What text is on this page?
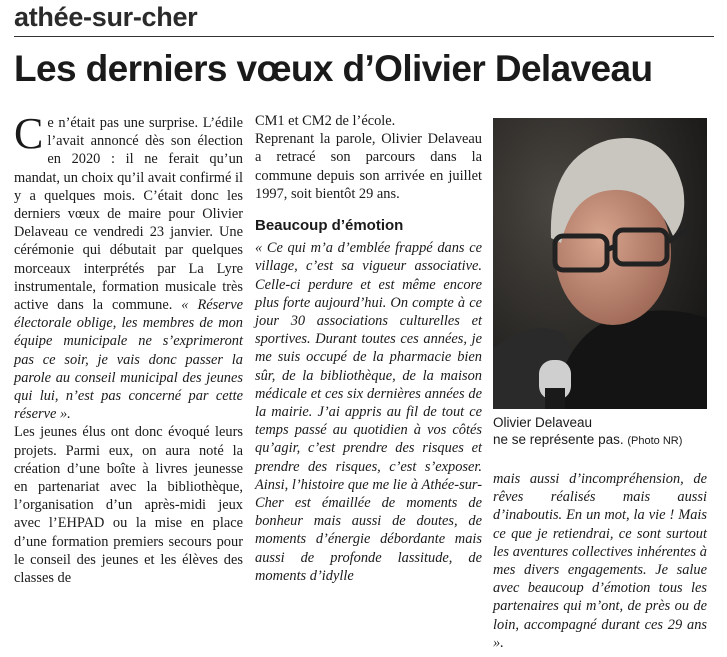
athée-sur-cher
Les derniers vœux d’Olivier Delaveau

Ce n’était pas une surprise. L’édile l’avait annoncé dès son élection en 2020 : il ne ferait qu’un mandat, un choix qu’il avait confirmé il y a quelques mois. C’était donc les derniers vœux de maire pour Olivier Delaveau ce vendredi 23 janvier. Une cérémonie qui débutait par quelques morceaux interprétés par La Lyre instrumentale, formation musicale très active dans la commune. « Réserve électorale oblige, les membres de mon équipe municipale ne s’exprimeront pas ce soir, je vais donc passer la parole au conseil municipal des jeunes qui lui, n’est pas concerné par cette réserve ».

Les jeunes élus ont donc évoqué leurs projets. Parmi eux, on aura noté la création d’une boîte à livres jeunesse en partenariat avec la bibliothèque, l’organisation d’un après-midi jeux avec l’EHPAD ou la mise en place d’une formation premiers secours pour le conseil des jeunes et les élèves des classes de

CM1 et CM2 de l’école.

Reprenant la parole, Olivier Delaveau a retracé son parcours dans la commune depuis son arrivée en juillet 1997, soit bientôt 29 ans.

Beaucoup d’émotion

« Ce qui m’a d’emblée frappé dans ce village, c’est sa vigueur associative. Celle-ci perdure et est même encore plus forte aujourd’hui. On compte à ce jour 30 associations culturelles et sportives. Durant toutes ces années, je me suis occupé de la pharmacie bien sûr, de la bibliothèque, de la maison médicale et ces six dernières années de la mairie. J’ai appris au fil de tout ce temps passé au quotidien à vos côtés qu’agir, c’est prendre des risques et prendre des risques, c’est s’exposer. Ainsi, l’histoire que me lie à Athée-sur-Cher est émaillée de moments de bonheur mais aussi de doutes, de moments d’énergie débordante mais aussi de profonde lassitude, de moments d’idylle

Olivier Delaveau
ne se représente pas. (Photo NR)

mais aussi d’incompréhension, de rêves réalisés mais aussi d’inaboutis. En un mot, la vie ! Mais ce que je retiendrai, ce sont surtout les aventures collectives inhérentes à mes divers engagements. Je salue avec beaucoup d’émotion tous les partenaires qui m’ont, de près ou de loin, accompagné durant ces 29 ans ».
